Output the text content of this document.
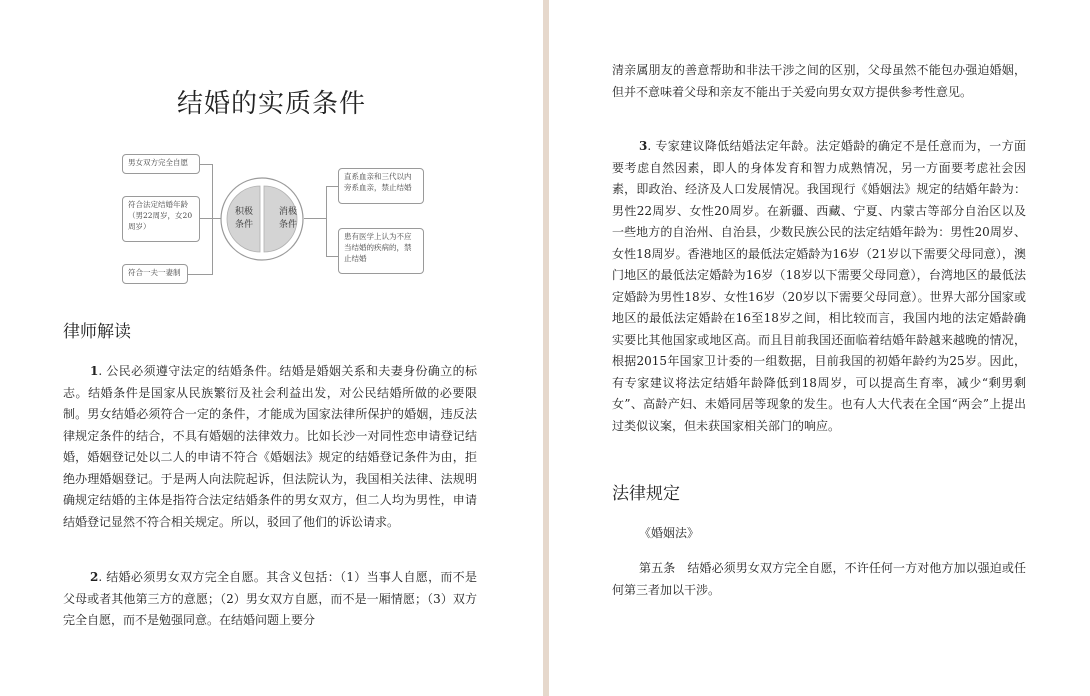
结婚的实质条件
男女双方完全自愿
符合法定结婚年龄（男22周岁，女20周岁）
符合一夫一妻制
积极
条件
消极
条件
直系血亲和三代以内旁系血亲，禁止结婚
患有医学上认为不应当结婚的疾病的，禁止结婚
律师解读
1. 公民必须遵守法定的结婚条件。结婚是婚姻关系和夫妻身份确立的标志。结婚条件是国家从民族繁衍及社会利益出发，对公民结婚所做的必要限制。男女结婚必须符合一定的条件，才能成为国家法律所保护的婚姻，违反法律规定条件的结合，不具有婚姻的法律效力。比如长沙一对同性恋申请登记结婚，婚姻登记处以二人的申请不符合《婚姻法》规定的结婚登记条件为由，拒绝办理婚姻登记。于是两人向法院起诉，但法院认为，我国相关法律、法规明确规定结婚的主体是指符合法定结婚条件的男女双方，但二人均为男性，申请结婚登记显然不符合相关规定。所以，驳回了他们的诉讼请求。
2. 结婚必须男女双方完全自愿。其含义包括：（1）当事人自愿，而不是父母或者其他第三方的意愿；（2）男女双方自愿，而不是一厢情愿；（3）双方完全自愿，而不是勉强同意。在结婚问题上要分
清亲属朋友的善意帮助和非法干涉之间的区别，父母虽然不能包办强迫婚姻，但并不意味着父母和亲友不能出于关爱向男女双方提供参考性意见。
3. 专家建议降低结婚法定年龄。法定婚龄的确定不是任意而为，一方面要考虑自然因素，即人的身体发育和智力成熟情况，另一方面要考虑社会因素，即政治、经济及人口发展情况。我国现行《婚姻法》规定的结婚年龄为：男性22周岁、女性20周岁。在新疆、西藏、宁夏、内蒙古等部分自治区以及一些地方的自治州、自治县，少数民族公民的法定结婚年龄为：男性20周岁、女性18周岁。香港地区的最低法定婚龄为16岁（21岁以下需要父母同意），澳门地区的最低法定婚龄为16岁（18岁以下需要父母同意），台湾地区的最低法定婚龄为男性18岁、女性16岁（20岁以下需要父母同意）。世界大部分国家或地区的最低法定婚龄在16至18岁之间，相比较而言，我国内地的法定婚龄确实要比其他国家或地区高。而且目前我国还面临着结婚年龄越来越晚的情况，根据2015年国家卫计委的一组数据，目前我国的初婚年龄约为25岁。因此，有专家建议将法定结婚年龄降低到18周岁，可以提高生育率，减少“剩男剩女”、高龄产妇、未婚同居等现象的发生。也有人大代表在全国“两会”上提出过类似议案，但未获国家相关部门的响应。
法律规定
《婚姻法》
第五条　结婚必须男女双方完全自愿，不许任何一方对他方加以强迫或任何第三者加以干涉。
